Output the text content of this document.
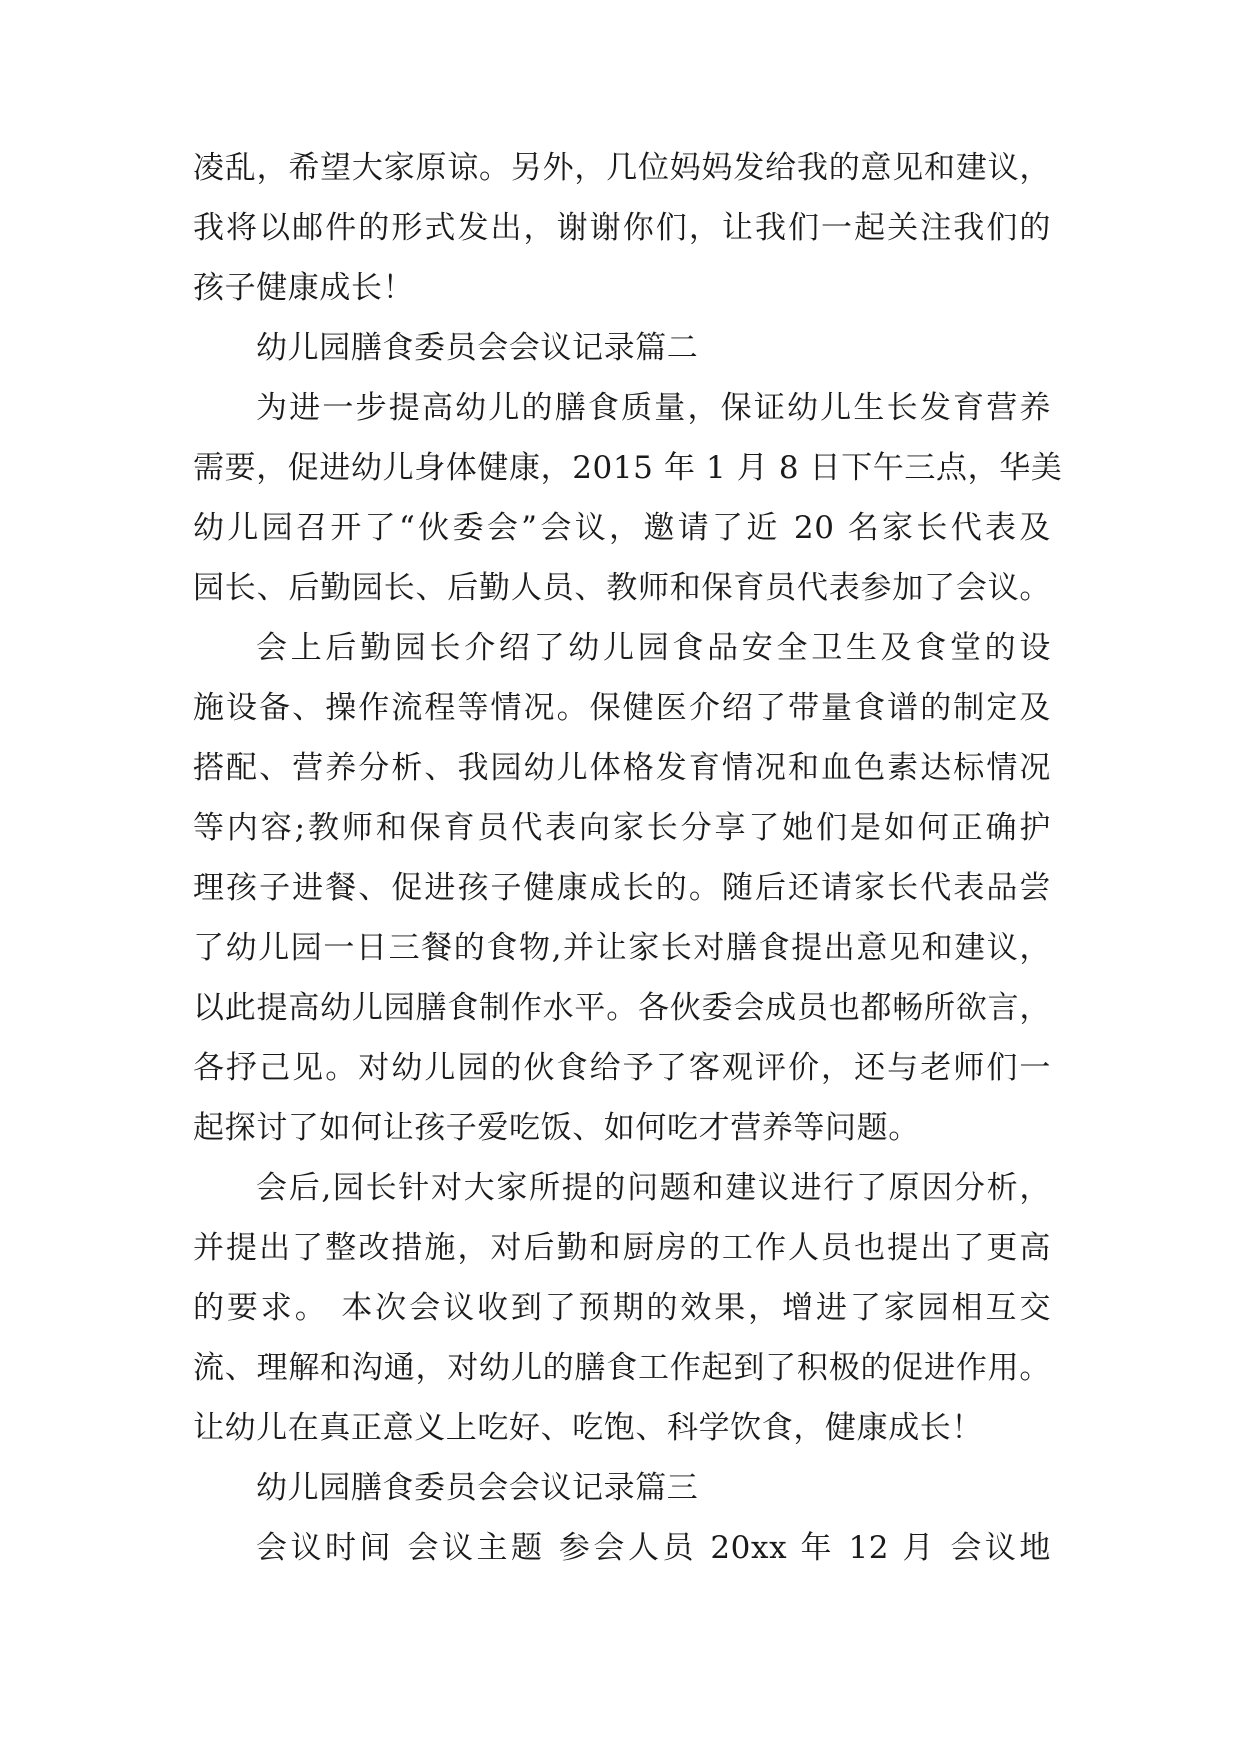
凌乱，希望大家原谅。另外，几位妈妈发给我的意见和建议，
我将以邮件的形式发出，谢谢你们，让我们一起关注我们的
孩子健康成长！
幼儿园膳食委员会会议记录篇二
为进一步提高幼儿的膳食质量，保证幼儿生长发育营养
需要，促进幼儿身体健康，2015 年 1 月 8 日下午三点，华美
幼儿园召开了“伙委会”会议，邀请了近 20 名家长代表及
园长、后勤园长、后勤人员、教师和保育员代表参加了会议。
会上后勤园长介绍了幼儿园食品安全卫生及食堂的设
施设备、操作流程等情况。保健医介绍了带量食谱的制定及
搭配、营养分析、我园幼儿体格发育情况和血色素达标情况
等内容;教师和保育员代表向家长分享了她们是如何正确护
理孩子进餐、促进孩子健康成长的。随后还请家长代表品尝
了幼儿园一日三餐的食物,并让家长对膳食提出意见和建议，
以此提高幼儿园膳食制作水平。各伙委会成员也都畅所欲言，
各抒己见。对幼儿园的伙食给予了客观评价，还与老师们一
起探讨了如何让孩子爱吃饭、如何吃才营养等问题。
会后,园长针对大家所提的问题和建议进行了原因分析，
并提出了整改措施，对后勤和厨房的工作人员也提出了更高
的要求。 本次会议收到了预期的效果，增进了家园相互交
流、理解和沟通，对幼儿的膳食工作起到了积极的促进作用。
让幼儿在真正意义上吃好、吃饱、科学饮食，健康成长！
幼儿园膳食委员会会议记录篇三
会议时间 会议主题 参会人员 20xx 年 12 月 会议地
